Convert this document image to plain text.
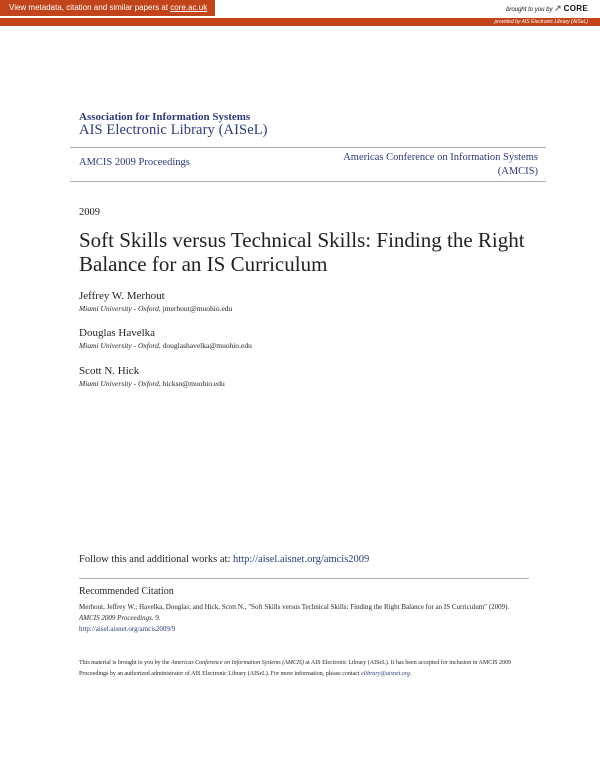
View metadata, citation and similar papers at core.ac.uk	brought to you by ↗ CORE
provided by AIS Electronic Library (AISeL)
Association for Information Systems
AIS Electronic Library (AISeL)
AMCIS 2009 Proceedings	Americas Conference on Information Systems
(AMCIS)
2009
Soft Skills versus Technical Skills: Finding the Right Balance for an IS Curriculum
Jeffrey W. Merhout
Miami University - Oxford, jmerhout@muohio.edu
Douglas Havelka
Miami University - Oxford, douglashavelka@muohio.edu
Scott N. Hick
Miami University - Oxford, hicksn@muohio.edu
Follow this and additional works at: http://aisel.aisnet.org/amcis2009
Recommended Citation
Merhout, Jeffrey W.; Havelka, Douglas; and Hick, Scott N., "Soft Skills versus Technical Skills: Finding the Right Balance for an IS Curriculum" (2009). AMCIS 2009 Proceedings. 9.
http://aisel.aisnet.org/amcis2009/9
This material is brought to you by the Americas Conference on Information Systems (AMCIS) at AIS Electronic Library (AISeL). It has been accepted for inclusion in AMCIS 2009 Proceedings by an authorized administrator of AIS Electronic Library (AISeL). For more information, please contact elibrary@aisnet.org.
